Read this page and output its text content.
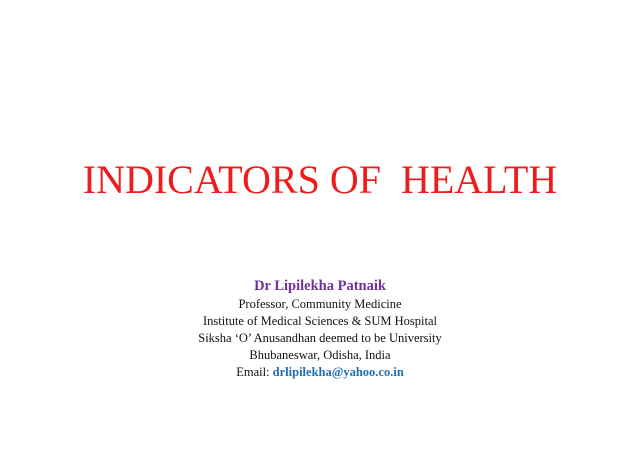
INDICATORS OF  HEALTH

Dr Lipilekha Patnaik

Professor, Community Medicine

Institute of Medical Sciences & SUM Hospital

Siksha ‘O’ Anusandhan deemed to be University

Bhubaneswar, Odisha, India

Email: drlipilekha@yahoo.co.in
